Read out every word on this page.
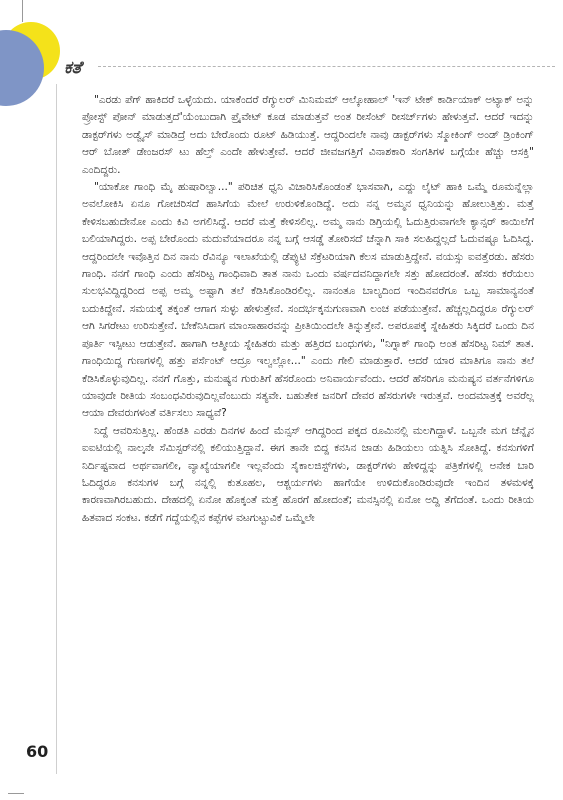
ಕತೆ

"ಎರಡು ಪೆಗ್ ಹಾಕಿದರೆ ಒಳ್ಳೆಯದು. ಯಾಕೆಂದರೆ ರೆಗ್ಯುಲರ್ ಮಿನಿಮಮ್ ಆಲ್ಕೋಹಾಲ್ 'ಇನ್ ಟೇಕ್ ಕಾರ್ಡಿಯಾಕ್ ಅಟ್ಯಾಕ್ ಅನ್ನು ಪ್ರೋಸ್ಟ್ ಪೋನ್ ಮಾಡುತ್ತದೆ'ಯೆಂಬುದಾಗಿ ಪ್ರೈವೇಟ್ ಕೂಡ ಮಾಡುತ್ತವೆ ಅಂತ ರೀಸೆಂಟ್ ರೀಸರ್ಚ್‌ಗಳು ಹೇಳುತ್ತವೆ. ಆದರೆ ಇದನ್ನು ಡಾಕ್ಟರ್‌ಗಳು ಅಡ್ವೈಸ್ ಮಾಡಿದ್ರೆ ಅದು ಬೇರೊಂದು ರೂಟ್ ಹಿಡಿಯುತ್ತೆ. ಆದ್ದರಿಂದಲೇ ನಾವು ಡಾಕ್ಟರ್‌ಗಳು ಸ್ಮೋಕಿಂಗ್ ಅಂಡ್ ಡ್ರಿಂಕಿಂಗ್ ಆರ್ ಬೋತ್ ಡೇಂಜರಸ್ ಟು ಹೆಲ್ತ್ ಎಂದೇ ಹೇಳುತ್ತೇವೆ. ಆದರೆ ಜೀವಜಗತ್ತಿಗೆ ವಿನಾಶಕಾರಿ ಸಂಗತಿಗಳ ಬಗ್ಗೆಯೇ ಹೆಚ್ಚು ಆಸಕ್ತಿ" ಎಂದಿದ್ದರು.

"ಯಾಕೋ ಗಾಂಧಿ ಮೈ ಹುಷಾರಿಲ್ವಾ..." ಪರಿಚಿತ ಧ್ವನಿ ವಿಚಾರಿಸಿಕೊಂಡಂತೆ ಭಾಸವಾಗಿ, ಎದ್ದು ಲೈಟ್ ಹಾಕಿ ಒಮ್ಮೆ ರೂಮನ್ನೆಲ್ಲಾ ಅವಲೋಕಿಸಿ ಏನೂ ಗೋಚರಿಸದೆ ಹಾಸಿಗೆಯ ಮೇಲೆ ಉರುಳಿಕೊಂಡಿದ್ದೆ. ಅದು ನನ್ನ ಅಮ್ಮನ ಧ್ವನಿಯನ್ನು ಹೋಲುತ್ತಿತ್ತು. ಮತ್ತೆ ಕೇಳಿಸಬಹುದೇನೋ ಎಂದು ಕಿವಿ ಅಗಲಿಸಿದ್ದೆ. ಆದರೆ ಮತ್ತೆ ಕೇಳಿಸಲಿಲ್ಲ. ಅಮ್ಮ ನಾನು ಡಿಗ್ರಿಯಲ್ಲಿ ಓದುತ್ತಿರುವಾಗಲೇ ಕ್ಯಾನ್ಸರ್ ಕಾಯಿಲೆಗೆ ಬಲಿಯಾಗಿದ್ದರು. ಅಪ್ಪ ಬೇರೊಂದು ಮದುವೆಯಾದರೂ ನನ್ನ ಬಗ್ಗೆ ಆಸಡ್ಡೆ ತೋರಿಸದೆ ಚೆನ್ನಾಗಿ ಸಾಕಿ ಸಲಹಿದ್ದಲ್ಲದೆ ಓದುವಷ್ಟೂ ಓದಿಸಿದ್ದ. ಆದ್ದರಿಂದಲೇ ಇವೊತ್ತಿನ ದಿನ ನಾನು ರೆವಿನ್ಯೂ ಇಲಾಖೆಯಲ್ಲಿ ಡೆಪ್ಯುಟಿ ಸೆಕ್ರೆಟರಿಯಾಗಿ ಕೆಲಸ ಮಾಡುತ್ತಿದ್ದೇನೆ. ವಯಸ್ಸು ಐವತ್ತೆರಡು. ಹೆಸರು ಗಾಂಧಿ. ನನಗೆ ಗಾಂಧಿ ಎಂದು ಹೆಸರಿಟ್ಟ ಗಾಂಧಿವಾದಿ ತಾತ ನಾನು ಒಂದು ವರ್ಷದವನಿದ್ದಾಗಲೇ ಸತ್ತು ಹೋದರಂತೆ. ಹೆಸರು ಕರೆಯಲು ಸುಲಭವಿದ್ದಿದ್ದರಿಂದ ಅಪ್ಪ ಅಮ್ಮ ಅಷ್ಟಾಗಿ ತಲೆ ಕೆಡಿಸಿಕೊಂಡಿರಲಿಲ್ಲ. ನಾನಂತೂ ಬಾಲ್ಯದಿಂದ ಇಂದಿನವರೆಗೂ ಒಬ್ಬ ಸಾಮಾನ್ಯನಂತೆ ಬದುಕಿದ್ದೇನೆ. ಸಮಯಕ್ಕೆ ತಕ್ಕಂತೆ ಆಗಾಗ ಸುಳ್ಳು ಹೇಳುತ್ತೇನೆ. ಸಂದರ್ಭಕ್ಕನುಗುಣವಾಗಿ ಲಂಚ ಪಡೆಯುತ್ತೇನೆ. ಹೆಚ್ಚಲ್ಲದಿದ್ದರೂ ರೆಗ್ಯುಲರ್ ಆಗಿ ಸಿಗರೇಟು ಉರಿಸುತ್ತೇನೆ. ಬೇಕೆನಿಸಿದಾಗ ಮಾಂಸಾಹಾರವನ್ನು ಪ್ರೀತಿಯಿಂದಲೇ ತಿನ್ನುತ್ತೇನೆ. ಅಪರೂಪಕ್ಕೆ ಸ್ನೇಹಿತರು ಸಿಕ್ಕಿದರೆ ಒಂದು ದಿನ ಪೂರ್ತಿ ಇಸ್ಪೀಟು ಆಡುತ್ತೇನೆ. ಹಾಗಾಗಿ ಆತ್ಮೀಯ ಸ್ನೇಹಿತರು ಮತ್ತು ಹತ್ತಿರದ ಬಂಧುಗಳು, "ನಿಗ್ನಾಕ್ ಗಾಂಧಿ ಅಂತ ಹೆಸರಿಟ್ಟ ನಿಮ್ ತಾತ. ಗಾಂಧಿಯಿದ್ದ ಗುಣಗಳಲ್ಲಿ ಹತ್ತು ಪರ್ಸೆಂಟ್ ಆದ್ರೂ ಇಲ್ವಲ್ಲೋ..." ಎಂದು ಗೇಲಿ ಮಾಡುತ್ತಾರೆ. ಆದರೆ ಯಾರ ಮಾತಿಗೂ ನಾನು ತಲೆ ಕೆಡಿಸಿಕೊಳ್ಳುವುದಿಲ್ಲ. ನನಗೆ ಗೊತ್ತು, ಮನುಷ್ಯನ ಗುರುತಿಗೆ ಹೆಸರೊಂದು ಅನಿವಾರ್ಯವೆಂದು. ಆದರೆ ಹೆಸರಿಗೂ ಮನುಷ್ಯನ ವರ್ತನೆಗಳಿಗೂ ಯಾವುದೇ ರೀತಿಯ ಸಂಬಂಧವಿರುವುದಿಲ್ಲವೆಂಬುದು ಸತ್ಯವೇ. ಬಹುತೇಕ ಜನರಿಗೆ ದೇವರ ಹೆಸರುಗಳೇ ಇರುತ್ತವೆ. ಅಂದಮಾತ್ರಕ್ಕೆ ಅವರೆಲ್ಲ ಆಯಾ ದೇವರುಗಳಂತೆ ವರ್ತಿಸಲು ಸಾಧ್ಯವೆ?

ನಿದ್ದೆ ಆವರಿಸುತ್ತಿಲ್ಲ. ಹೆಂಡತಿ ಎರಡು ದಿನಗಳ ಹಿಂದೆ ಮೆನ್ಸಸ್ ಆಗಿದ್ದರಿಂದ ಪಕ್ಕದ ರೂಮಿನಲ್ಲಿ ಮಲಗಿದ್ದಾಳೆ. ಒಬ್ಬನೇ ಮಗ ಚೆನ್ನೈನ ಐಐಟಿಯಲ್ಲಿ ನಾಲ್ಕನೇ ಸೆಮಿಸ್ಟರ್‌ನಲ್ಲಿ ಕಲಿಯುತ್ತಿದ್ದಾನೆ. ಈಗ ತಾನೇ ಬಿದ್ದ ಕನಸಿನ ಜಾಡು ಹಿಡಿಯಲು ಯತ್ನಿಸಿ ಸೋತಿದ್ದೆ. ಕನಸುಗಳಿಗೆ ನಿರ್ದಿಷ್ಟವಾದ ಅರ್ಥವಾಗಲೀ, ವ್ಯಾಖ್ಯೆಯಾಗಲೀ ಇಲ್ಲವೆಂದು ಸೈಕಾಲಜಿಸ್ಟ್‌ಗಳು, ಡಾಕ್ಟರ್‌ಗಳು ಹೇಳಿದ್ದನ್ನು ಪತ್ರಿಕೆಗಳಲ್ಲಿ ಅನೇಕ ಬಾರಿ ಓದಿದ್ದರೂ ಕನಸುಗಳ ಬಗ್ಗೆ ನನ್ನಲ್ಲಿ ಕುತೂಹಲ, ಆಶ್ಚರ್ಯಗಳು ಹಾಗೆಯೇ ಉಳಿದುಕೊಂಡಿರುವುದೇ ಇಂದಿನ ತಳಮಳಕ್ಕೆ ಕಾರಣವಾಗಿರಬಹುದು. ದೇಹದಲ್ಲಿ ಏನೋ ಹೊಕ್ಕಂತೆ ಮತ್ತೆ ಹೊರಗೆ ಹೋದಂತೆ; ಮನಸ್ಸಿನಲ್ಲಿ ಏನೋ ಅದ್ದಿ ತೆಗೆದಂತೆ. ಒಂದು ರೀತಿಯ ಹಿತವಾದ ಸಂಕಟ. ಕಡೆಗೆ ಗದ್ದೆಯಲ್ಲಿನ ಕಪ್ಪೆಗಳ ವಟಗುಟ್ಟುವಿಕೆ ಒಮ್ಮೆಲೇ

60
